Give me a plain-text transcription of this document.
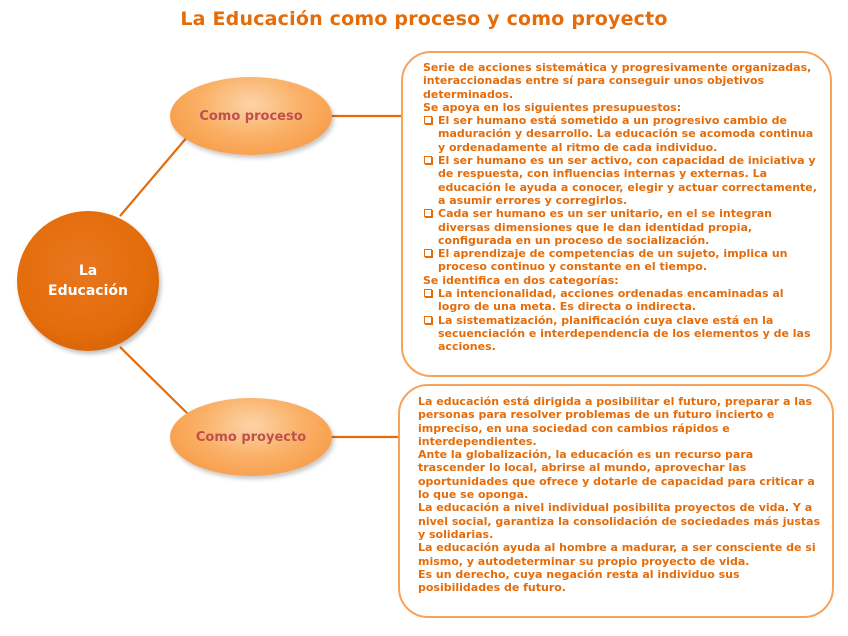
La Educación como proceso y como proyecto
La
Educación
Como proceso
Como proyecto

Serie de acciones sistemática y progresivamente organizadas, interaccionadas entre sí para conseguir unos objetivos determinados.

Se apoya en los siguientes presupuestos:

El ser humano está sometido a un progresivo cambio de maduración y desarrollo. La educación se acomoda continua y ordenadamente al ritmo de cada individuo.
El ser humano es un ser activo, con capacidad de iniciativa y de respuesta, con influencias internas y externas. La educación le ayuda a conocer, elegir y actuar correctamente, a asumir errores y corregirlos.
Cada ser humano es un ser unitario, en el se integran diversas dimensiones que le dan identidad propia, configurada en un proceso de socialización.
El aprendizaje de competencias de un sujeto, implica un proceso continuo y constante en el tiempo.

Se identifica en dos categorías:

La intencionalidad, acciones ordenadas encaminadas al logro de una meta. Es directa o indirecta.
La sistematización, planificación cuya clave está en la secuenciación e interdependencia de los elementos y de las acciones.

La educación está dirigida a posibilitar el futuro, preparar a las personas para resolver problemas de un futuro incierto e impreciso, en una sociedad con cambios rápidos e interdependientes.

Ante la globalización, la educación es un recurso para trascender lo local, abrirse al mundo, aprovechar las oportunidades que ofrece y dotarle de capacidad para criticar a lo que se oponga.

La educación a nivel individual posibilita proyectos de vida. Y a nivel social, garantiza la consolidación de sociedades más justas y solidarias.

La educación ayuda al hombre a madurar, a ser consciente de si mismo, y autodeterminar su propio proyecto de vida.

Es un derecho, cuya negación resta al individuo sus posibilidades de futuro.
